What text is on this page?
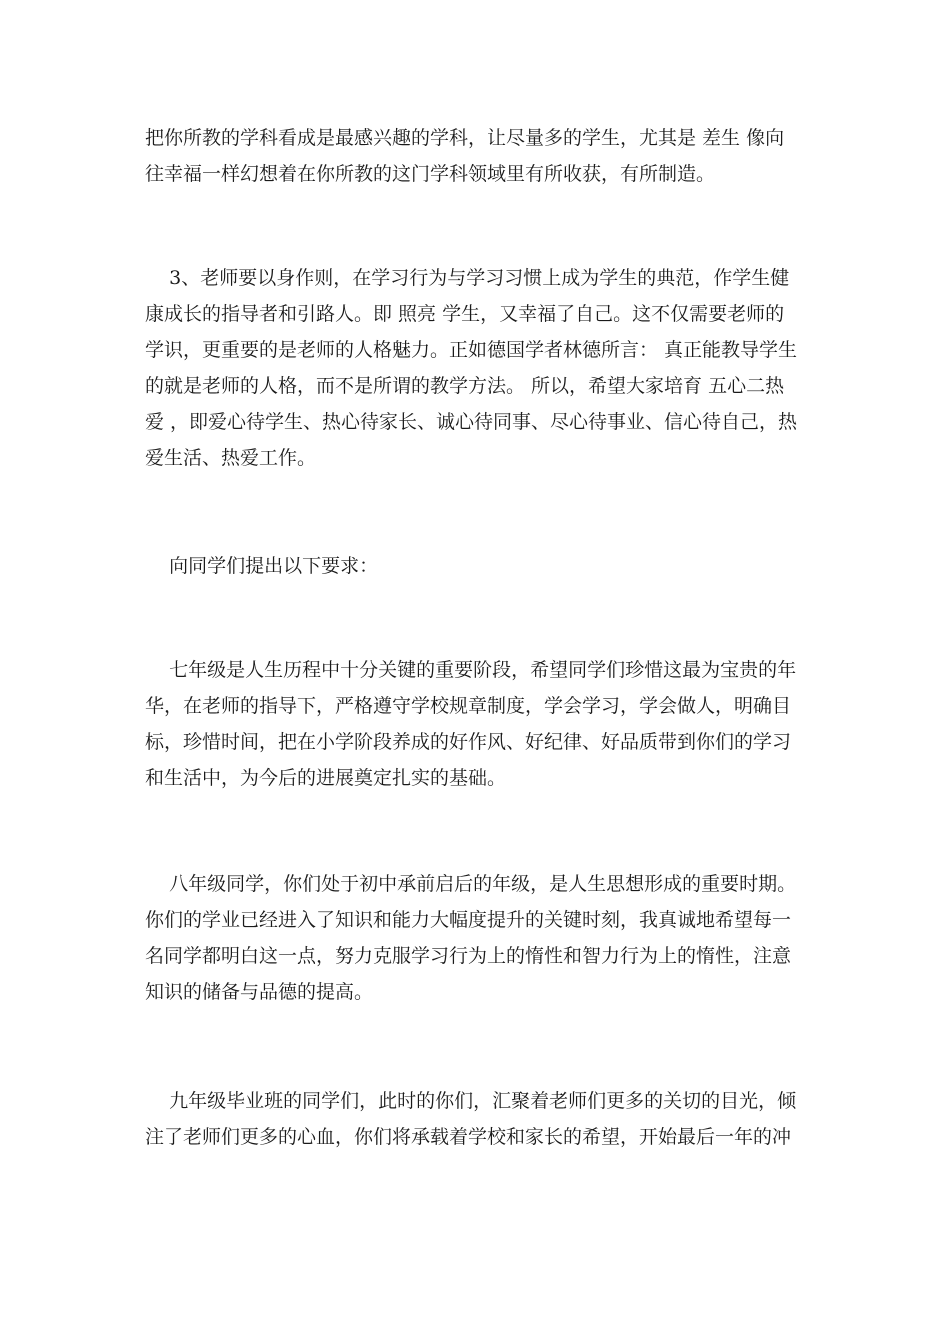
把你所教的学科看成是最感兴趣的学科，让尽量多的学生，尤其是 差生 像向
往幸福一样幻想着在你所教的这门学科领域里有所收获，有所制造。
3、老师要以身作则，在学习行为与学习习惯上成为学生的典范，作学生健
康成长的指导者和引路人。即 照亮 学生，又幸福了自己。这不仅需要老师的
学识，更重要的是老师的人格魅力。正如德国学者林德所言： 真正能教导学生
的就是老师的人格，而不是所谓的教学方法。 所以，希望大家培育 五心二热
爱 ，即爱心待学生、热心待家长、诚心待同事、尽心待事业、信心待自己，热
爱生活、热爱工作。
向同学们提出以下要求：
七年级是人生历程中十分关键的重要阶段，希望同学们珍惜这最为宝贵的年
华，在老师的指导下，严格遵守学校规章制度，学会学习，学会做人，明确目
标，珍惜时间，把在小学阶段养成的好作风、好纪律、好品质带到你们的学习
和生活中，为今后的进展奠定扎实的基础。
八年级同学，你们处于初中承前启后的年级，是人生思想形成的重要时期。
你们的学业已经进入了知识和能力大幅度提升的关键时刻，我真诚地希望每一
名同学都明白这一点，努力克服学习行为上的惰性和智力行为上的惰性，注意
知识的储备与品德的提高。
九年级毕业班的同学们，此时的你们，汇聚着老师们更多的关切的目光，倾
注了老师们更多的心血，你们将承载着学校和家长的希望，开始最后一年的冲
